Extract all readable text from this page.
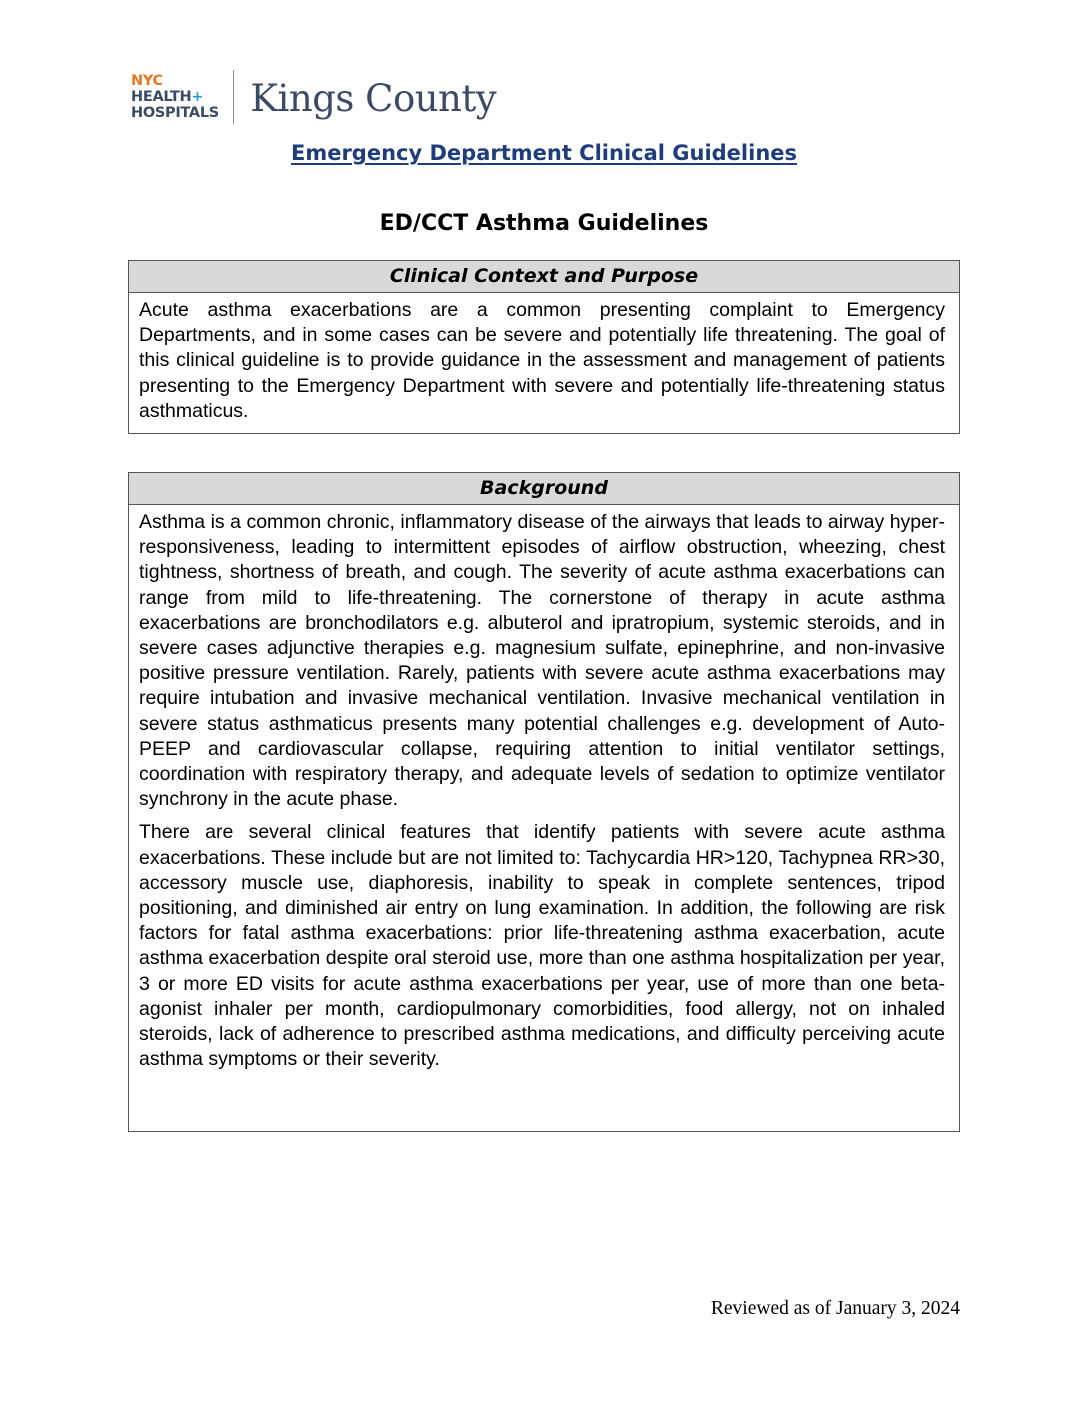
NYC
HEALTH+
HOSPITALS Kings County
Emergency Department Clinical Guidelines
ED/CCT Asthma Guidelines
Clinical Context and Purpose

Acute asthma exacerbations are a common presenting complaint to Emergency Departments, and in some cases can be severe and potentially life threatening. The goal of this clinical guideline is to provide guidance in the assessment and management of patients presenting to the Emergency Department with severe and potentially life-threatening status asthmaticus.

Background

Asthma is a common chronic, inflammatory disease of the airways that leads to airway hyper-responsiveness, leading to intermittent episodes of airflow obstruction, wheezing, chest tightness, shortness of breath, and cough. The severity of acute asthma exacerbations can range from mild to life-threatening. The cornerstone of therapy in acute asthma exacerbations are bronchodilators e.g. albuterol and ipratropium, systemic steroids, and in severe cases adjunctive therapies e.g. magnesium sulfate, epinephrine, and non-invasive positive pressure ventilation. Rarely, patients with severe acute asthma exacerbations may require intubation and invasive mechanical ventilation. Invasive mechanical ventilation in severe status asthmaticus presents many potential challenges e.g. development of Auto-PEEP and cardiovascular collapse, requiring attention to initial ventilator settings, coordination with respiratory therapy, and adequate levels of sedation to optimize ventilator synchrony in the acute phase.

There are several clinical features that identify patients with severe acute asthma exacerbations. These include but are not limited to: Tachycardia HR>120, Tachypnea RR>30, accessory muscle use, diaphoresis, inability to speak in complete sentences, tripod positioning, and diminished air entry on lung examination. In addition, the following are risk factors for fatal asthma exacerbations: prior life-threatening asthma exacerbation, acute asthma exacerbation despite oral steroid use, more than one asthma hospitalization per year, 3 or more ED visits for acute asthma exacerbations per year, use of more than one beta-agonist inhaler per month, cardiopulmonary comorbidities, food allergy, not on inhaled steroids, lack of adherence to prescribed asthma medications, and difficulty perceiving acute asthma symptoms or their severity.

Reviewed as of January 3, 2024
